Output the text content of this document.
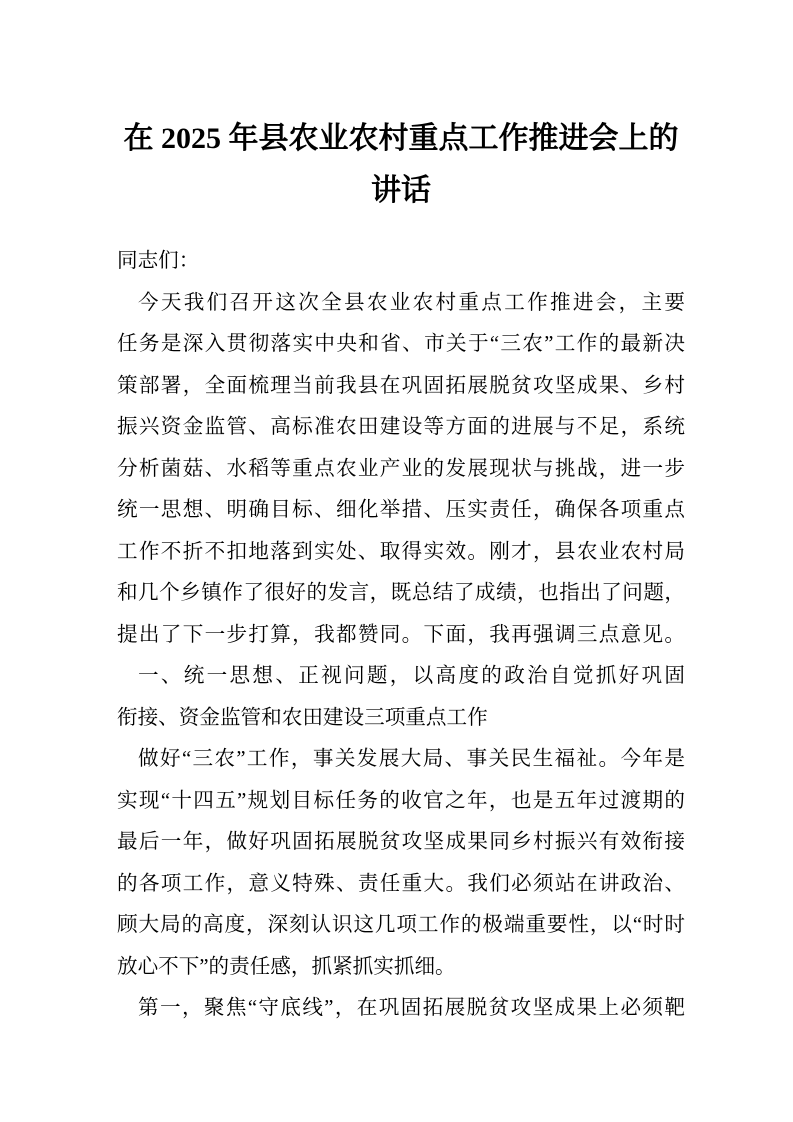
在 2025 年县农业农村重点工作推进会上的
讲话
同志们：
今天我们召开这次全县农业农村重点工作推进会，主要
任务是深入贯彻落实中央和省、市关于“三农”工作的最新决
策部署，全面梳理当前我县在巩固拓展脱贫攻坚成果、乡村
振兴资金监管、高标准农田建设等方面的进展与不足，系统
分析菌菇、水稻等重点农业产业的发展现状与挑战，进一步
统一思想、明确目标、细化举措、压实责任，确保各项重点
工作不折不扣地落到实处、取得实效。刚才，县农业农村局
和几个乡镇作了很好的发言，既总结了成绩，也指出了问题，
提出了下一步打算，我都赞同。下面，我再强调三点意见。
一、统一思想、正视问题，以高度的政治自觉抓好巩固
衔接、资金监管和农田建设三项重点工作
做好“三农”工作，事关发展大局、事关民生福祉。今年是
实现“十四五”规划目标任务的收官之年，也是五年过渡期的
最后一年，做好巩固拓展脱贫攻坚成果同乡村振兴有效衔接
的各项工作，意义特殊、责任重大。我们必须站在讲政治、
顾大局的高度，深刻认识这几项工作的极端重要性，以“时时
放心不下”的责任感，抓紧抓实抓细。
第一，聚焦“守底线”，在巩固拓展脱贫攻坚成果上必须靶
